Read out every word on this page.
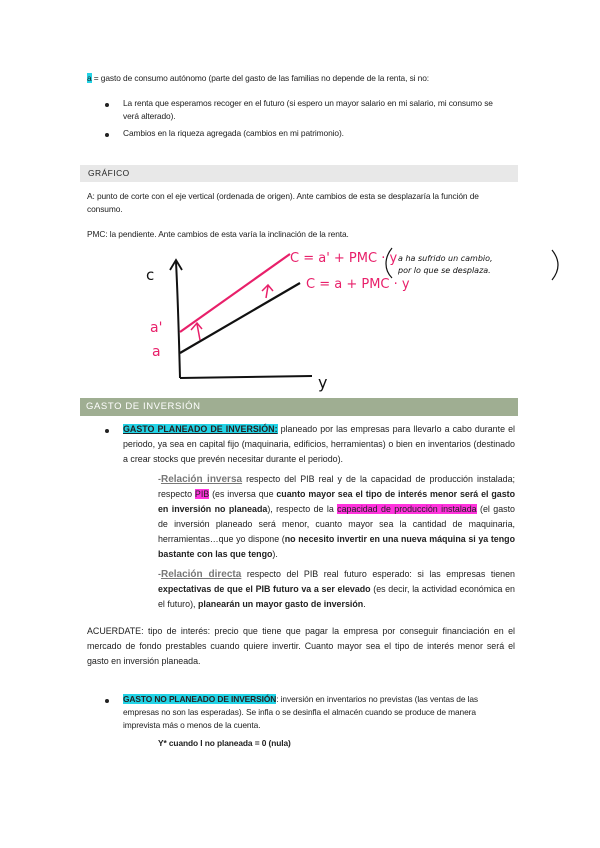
a = gasto de consumo autónomo (parte del gasto de las familias no depende de la renta, si no:
La renta que esperamos recoger en el futuro (si espero un mayor salario en mi salario, mi consumo se verá alterado).
Cambios en la riqueza agregada (cambios en mi patrimonio).
GRÁFICO
A: punto de corte con el eje vertical (ordenada de origen). Ante cambios de esta se desplazaría la función de consumo.
PMC: la pendiente. Ante cambios de esta varía la inclinación de la renta.
c
y
a
a'
C = a' + PMC · y
C = a + PMC · y
a ha sufrido un cambio,
por lo que se desplaza.
GASTO DE INVERSIÓN
GASTO PLANEADO DE INVERSIÓN: planeado por las empresas para llevarlo a cabo durante el periodo, ya sea en capital fijo (maquinaria, edificios, herramientas) o bien en inventarios (destinado a crear stocks que prevén necesitar durante el periodo).
-Relación inversa respecto del PIB real y de la capacidad de producción instalada; respecto PIB (es inversa que cuanto mayor sea el tipo de interés menor será el gasto en inversión no planeada), respecto de la capacidad de producción instalada (el gasto de inversión planeado será menor, cuanto mayor sea la cantidad de maquinaria, herramientas…que yo dispone (no necesito invertir en una nueva máquina si ya tengo bastante con las que tengo).
-Relación directa respecto del PIB real futuro esperado: si las empresas tienen expectativas de que el PIB futuro va a ser elevado (es decir, la actividad económica en el futuro), planearán un mayor gasto de inversión.
ACUERDATE: tipo de interés: precio que tiene que pagar la empresa por conseguir financiación en el mercado de fondo prestables cuando quiere invertir. Cuanto mayor sea el tipo de interés menor será el gasto en inversión planeada.
GASTO NO PLANEADO DE INVERSIÓN: inversión en inventarios no previstas (las ventas de las empresas no son las esperadas). Se infla o se desinfla el almacén cuando se produce de manera imprevista más o menos de la cuenta.
Y* cuando I no planeada = 0 (nula)
